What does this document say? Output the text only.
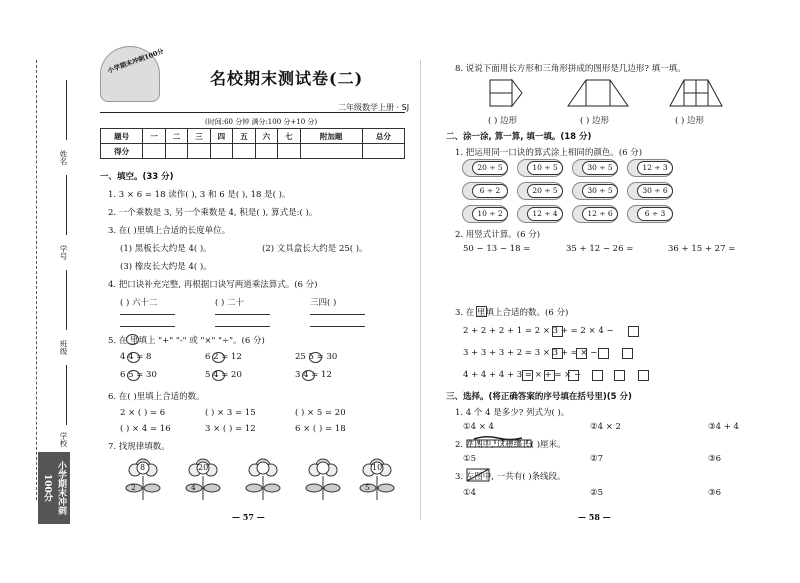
姓名
学号
班级
学校
小学期末冲刺100分
小学期末冲刺100分
名校期末测试卷(二)
二年级数学上册 · SJ
(时间:60 分钟 满分:100 分+10 分)
题号	一	二	三	四	五	六	七	附加题	总分
得分									
一、填空。(33 分)
1. 3 × 6 = 18 读作( ), 3 和 6 是( ), 18 是( )。
2. 一个乘数是 3, 另一个乘数是 4, 积是( ), 算式是:( )。
3. 在( )里填上合适的长度单位。
(1) 黑板长大约是 4( )。	(2) 文具盒长大约是 25( )。
(3) 橡皮长大约是 4( )。
4. 把口诀补充完整, 再根据口诀写两道乘法算式。(6 分)
( ) 六十二	( ) 二十	三四( )
5. 在 里填上 "+" "-" 或 "×" "÷"。(6 分)
4 4 = 8	6 2 = 12	25 5 = 30
6 5 = 30	5 4 = 20	3 4 = 12
6. 在( )里填上合适的数。
2 × ( ) = 6	( ) × 3 = 15	( ) × 5 = 20
( ) × 4 = 16	3 × ( ) = 12	6 × ( ) = 18
7. 找规律填数。
8	20	10
2	4	5
— 57 —
8. 说说下面用长方形和三角形拼成的图形是几边形? 填一填。
( ) 边形	( ) 边形	( ) 边形
二、涂一涂, 算一算, 填一填。(18 分)
1. 把运用同一口诀的算式涂上相同的颜色。(6 分)
20 ÷ 5	10 ÷ 5	30 ÷ 5	12 ÷ 3
6 ÷ 2	20 ÷ 5	30 ÷ 5	30 ÷ 6
10 ÷ 2	12 ÷ 4	12 ÷ 6	6 ÷ 3
2. 用竖式计算。(6 分)
50 − 13 − 18 =	35 + 12 − 26 =	36 + 15 + 27 =
3. 在 里填上合适的数。(6 分)
2 + 2 + 2 + 1 = 2 × 3 + = 2 × 4 −
3 + 3 + 3 + 2 = 3 × 3 + = × −
4 + 4 + 4 + 3 = × + = × −
三、选择。(将正确答案的序号填在括号里)(5 分)
1. 4 个 4 是多少? 列式为( )。
①4 × 4	②4 × 2	③4 + 4
2. 左图中, 这根绳长( )厘米。
①5	②7	③6
3. 左图中, 一共有( )条线段。
①4	②5	③6
— 58 —
